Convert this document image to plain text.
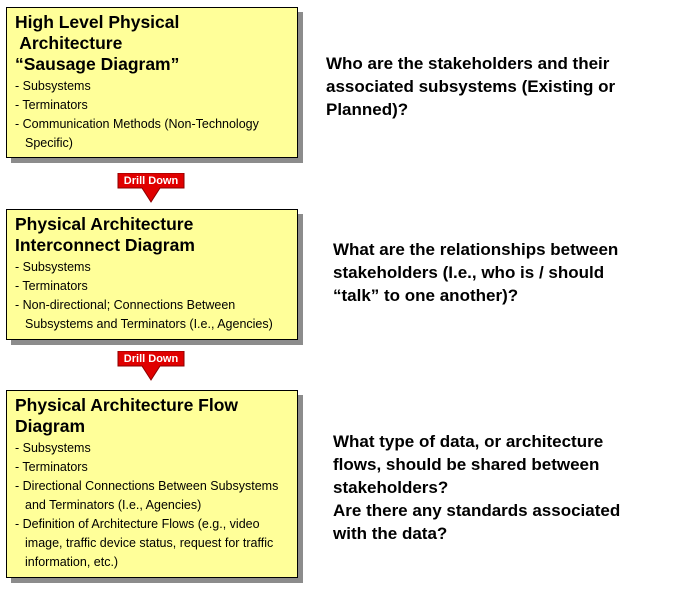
High Level Physical
Architecture
“Sausage Diagram”
- Subsystems
- Terminators
- Communication Methods (Non-Technology Specific)
Who are the stakeholders and their
associated subsystems (Existing or
Planned)?
Drill Down
Physical Architecture
Interconnect Diagram
- Subsystems
- Terminators
- Non-directional; Connections Between Subsystems and Terminators (I.e., Agencies)
What are the relationships between
stakeholders (I.e., who is / should
“talk” to one another)?
Drill Down
Physical Architecture Flow
Diagram
- Subsystems
- Terminators
- Directional Connections Between Subsystems and Terminators (I.e., Agencies)
- Definition of Architecture Flows (e.g., video image, traffic device status, request for traffic information, etc.)
What type of data, or architecture
flows, should be shared between
stakeholders?
Are there any standards associated
with the data?
